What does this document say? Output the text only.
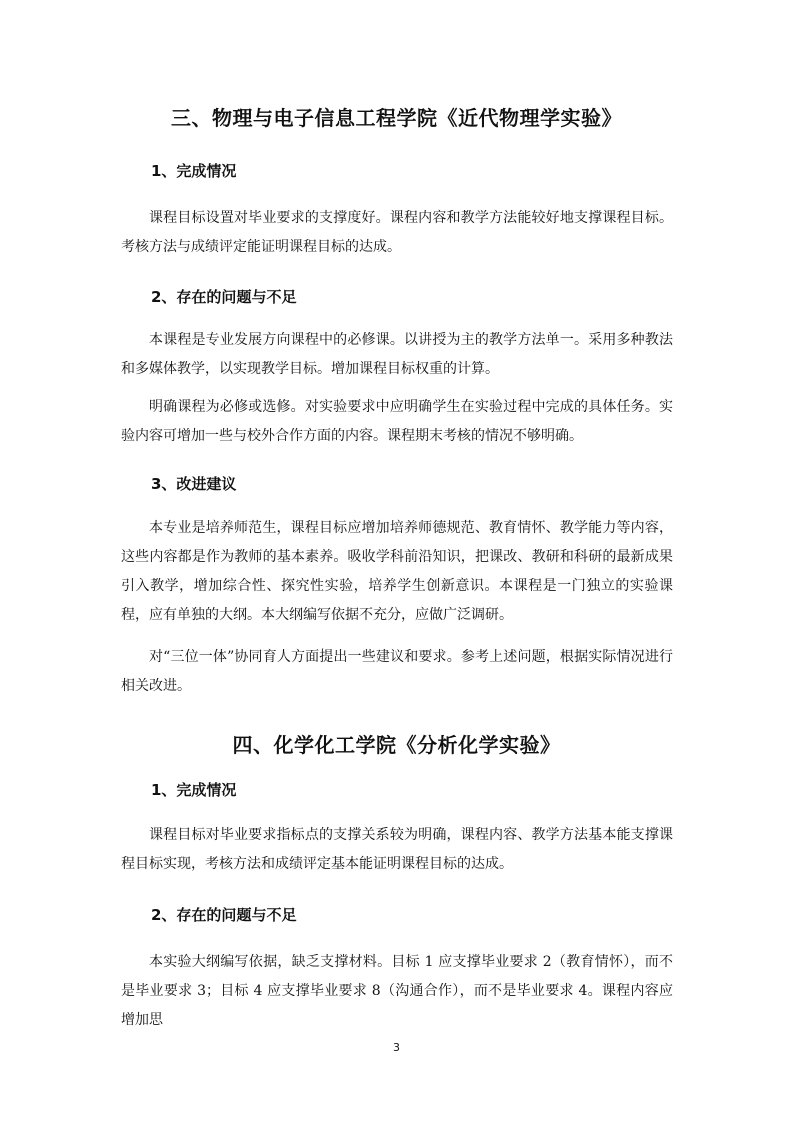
三、物理与电子信息工程学院《近代物理学实验》
1、完成情况

课程目标设置对毕业要求的支撑度好。课程内容和教学方法能较好地支撑课程目标。考核方法与成绩评定能证明课程目标的达成。

2、存在的问题与不足

本课程是专业发展方向课程中的必修课。以讲授为主的教学方法单一。采用多种教法和多媒体教学，以实现教学目标。增加课程目标权重的计算。

明确课程为必修或选修。对实验要求中应明确学生在实验过程中完成的具体任务。实验内容可增加一些与校外合作方面的内容。课程期末考核的情况不够明确。

3、改进建议

本专业是培养师范生，课程目标应增加培养师德规范、教育情怀、教学能力等内容，这些内容都是作为教师的基本素养。吸收学科前沿知识，把课改、教研和科研的最新成果引入教学，增加综合性、探究性实验，培养学生创新意识。本课程是一门独立的实验课程，应有单独的大纲。本大纲编写依据不充分，应做广泛调研。

对“三位一体”协同育人方面提出一些建议和要求。参考上述问题，根据实际情况进行相关改进。

四、化学化工学院《分析化学实验》
1、完成情况

课程目标对毕业要求指标点的支撑关系较为明确，课程内容、教学方法基本能支撑课程目标实现，考核方法和成绩评定基本能证明课程目标的达成。

2、存在的问题与不足

本实验大纲编写依据，缺乏支撑材料。目标 1 应支撑毕业要求 2（教育情怀），而不是毕业要求 3；目标 4 应支撑毕业要求 8（沟通合作），而不是毕业要求 4。课程内容应增加思

3
